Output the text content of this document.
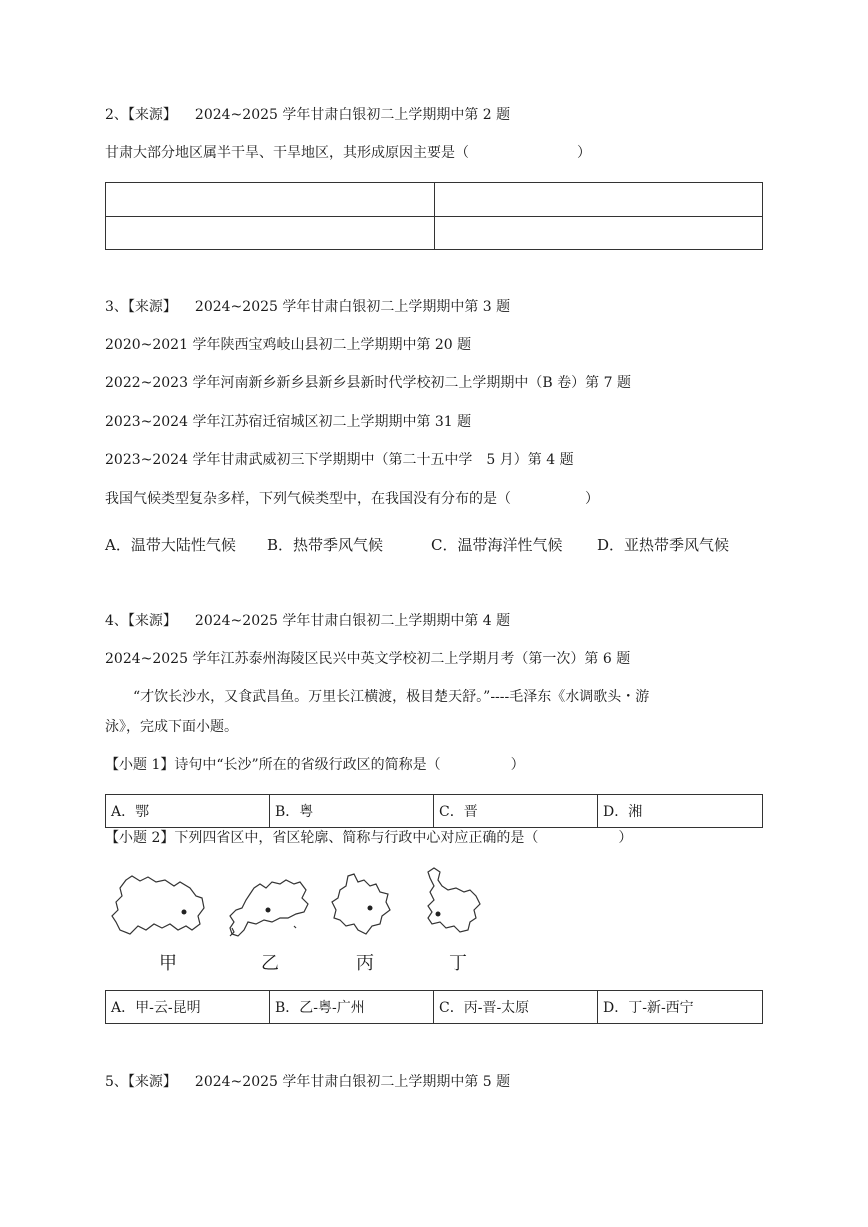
2、【来源】 2024~2025 学年甘肃白银初二上学期期中第 2 题
甘肃大部分地区属半干旱、干旱地区，其形成原因主要是（	）

3、【来源】 2024~2025 学年甘肃白银初二上学期期中第 3 题
2020~2021 学年陕西宝鸡岐山县初二上学期期中第 20 题
2022~2023 学年河南新乡新乡县新乡县新时代学校初二上学期期中（B 卷）第 7 题
2023~2024 学年江苏宿迁宿城区初二上学期期中第 31 题
2023~2024 学年甘肃武威初三下学期期中（第二十五中学　5 月）第 4 题
我国气候类型复杂多样，下列气候类型中，在我国没有分布的是（	）
A．温带大陆性气候 B．热带季风气候	C．温带海洋性气候 D．亚热带季风气候
4、【来源】 2024~2025 学年甘肃白银初二上学期期中第 4 题
2024~2025 学年江苏泰州海陵区民兴中英文学校初二上学期月考（第一次）第 6 题
“才饮长沙水，又食武昌鱼。万里长江横渡，极目楚天舒。”----毛泽东《水调歌头・游
泳》，完成下面小题。
【小题 1】诗句中“长沙”所在的省级行政区的简称是（	）
A．鄂	B．粤	C．晋	D．湘
【小题 2】下列四省区中，省区轮廓、简称与行政中心对应正确的是（	）
甲	乙	丙	丁
A．甲-云-昆明	B．乙-粤-广州	C．丙-晋-太原	D．丁-新-西宁
5、【来源】 2024~2025 学年甘肃白银初二上学期期中第 5 题
